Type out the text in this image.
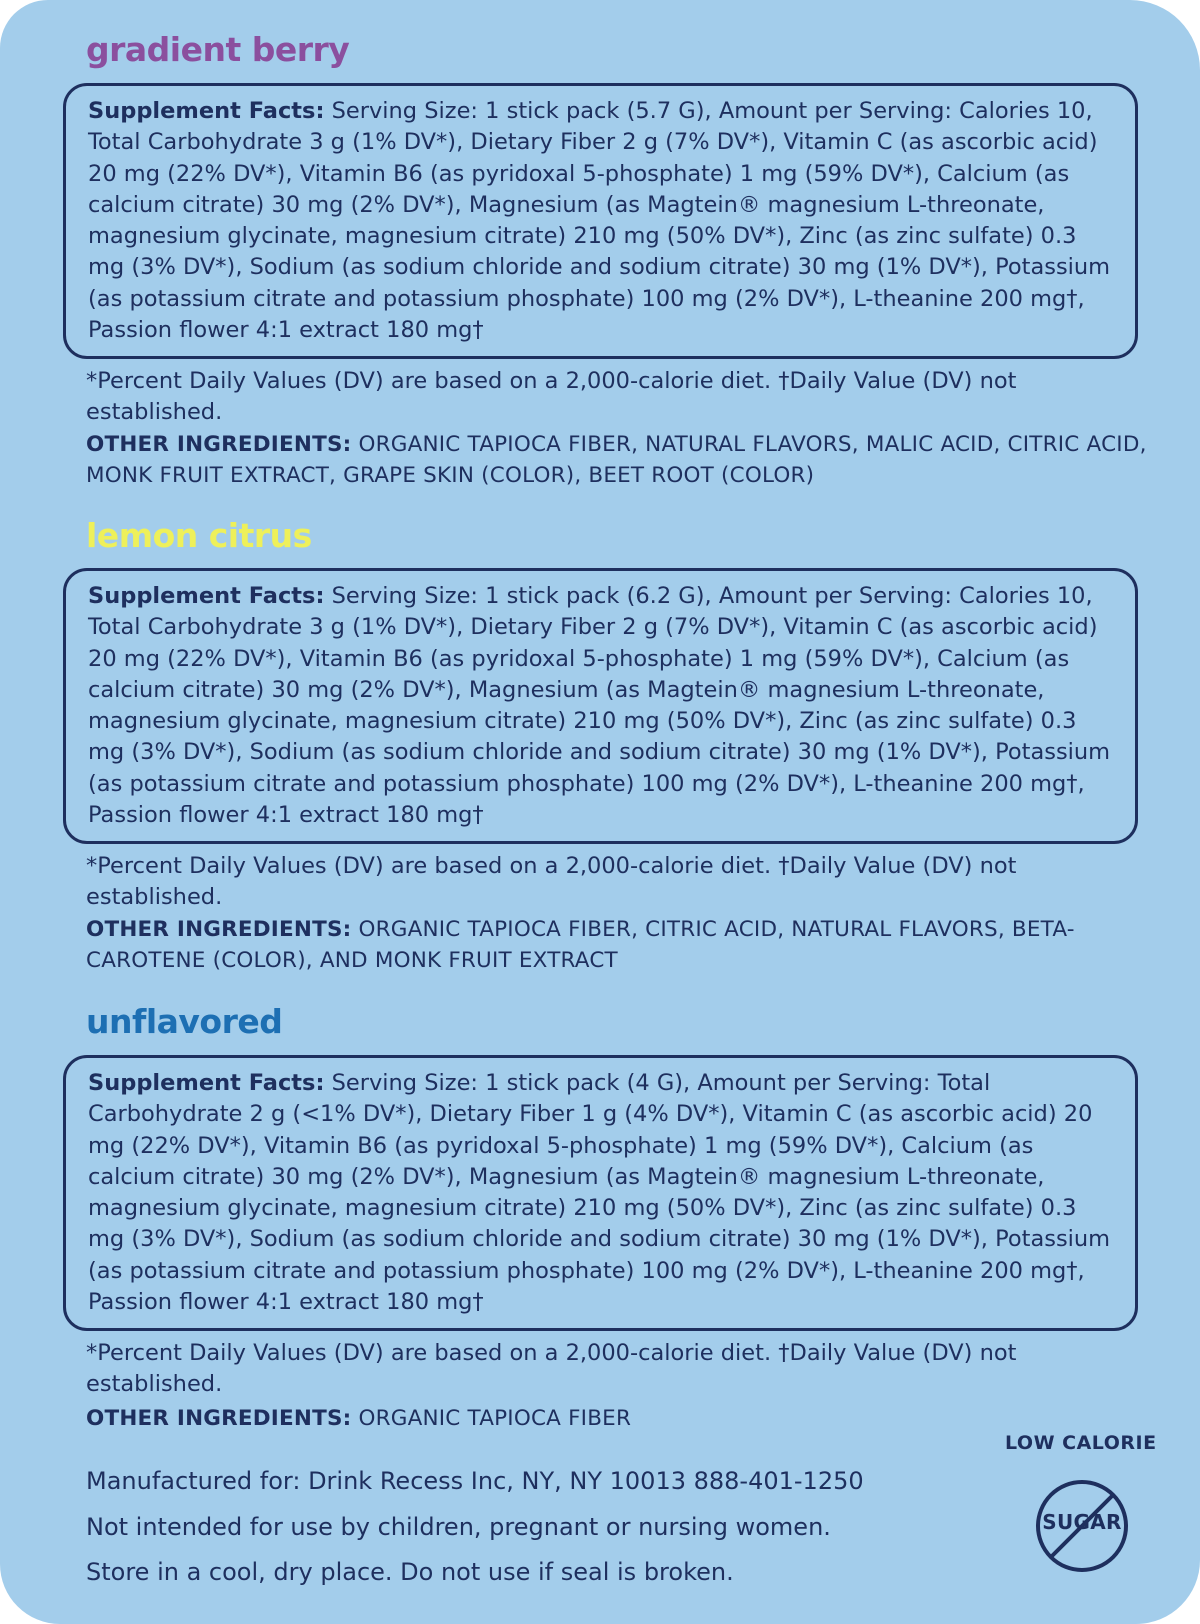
gradient berry
Supplement Facts: Serving Size: 1 stick pack (5.7 G), Amount per Serving: Calories 10, Total Carbohydrate 3 g (1% DV*), Dietary Fiber 2 g (7% DV*), Vitamin C (as ascorbic acid) 20 mg (22% DV*), Vitamin B6 (as pyridoxal 5-phosphate) 1 mg (59% DV*), Calcium (as calcium citrate) 30 mg (2% DV*), Magnesium (as Magtein® magnesium L-threonate, magnesium glycinate, magnesium citrate) 210 mg (50% DV*), Zinc (as zinc sulfate) 0.3 mg (3% DV*), Sodium (as sodium chloride and sodium citrate) 30 mg (1% DV*), Potassium (as potassium citrate and potassium phosphate) 100 mg (2% DV*), L-theanine 200 mg†, Passion flower 4:1 extract 180 mg†

*Percent Daily Values (DV) are based on a 2,000-calorie diet. †Daily Value (DV) not established.

OTHER INGREDIENTS: ORGANIC TAPIOCA FIBER, NATURAL FLAVORS, MALIC ACID, CITRIC ACID, MONK FRUIT EXTRACT, GRAPE SKIN (COLOR), BEET ROOT (COLOR)

lemon citrus
Supplement Facts: Serving Size: 1 stick pack (6.2 G), Amount per Serving: Calories 10, Total Carbohydrate 3 g (1% DV*), Dietary Fiber 2 g (7% DV*), Vitamin C (as ascorbic acid) 20 mg (22% DV*), Vitamin B6 (as pyridoxal 5-phosphate) 1 mg (59% DV*), Calcium (as calcium citrate) 30 mg (2% DV*), Magnesium (as Magtein® magnesium L-threonate, magnesium glycinate, magnesium citrate) 210 mg (50% DV*), Zinc (as zinc sulfate) 0.3 mg (3% DV*), Sodium (as sodium chloride and sodium citrate) 30 mg (1% DV*), Potassium (as potassium citrate and potassium phosphate) 100 mg (2% DV*), L-theanine 200 mg†, Passion flower 4:1 extract 180 mg†

*Percent Daily Values (DV) are based on a 2,000-calorie diet. †Daily Value (DV) not established.

OTHER INGREDIENTS: ORGANIC TAPIOCA FIBER, CITRIC ACID, NATURAL FLAVORS, BETA-CAROTENE (COLOR), AND MONK FRUIT EXTRACT

unflavored
Supplement Facts: Serving Size: 1 stick pack (4 G), Amount per Serving: Total Carbohydrate 2 g (<1% DV*), Dietary Fiber 1 g (4% DV*), Vitamin C (as ascorbic acid) 20 mg (22% DV*), Vitamin B6 (as pyridoxal 5-phosphate) 1 mg (59% DV*), Calcium (as calcium citrate) 30 mg (2% DV*), Magnesium (as Magtein® magnesium L-threonate, magnesium glycinate, magnesium citrate) 210 mg (50% DV*), Zinc (as zinc sulfate) 0.3 mg (3% DV*), Sodium (as sodium chloride and sodium citrate) 30 mg (1% DV*), Potassium (as potassium citrate and potassium phosphate) 100 mg (2% DV*), L-theanine 200 mg†, Passion flower 4:1 extract 180 mg†

*Percent Daily Values (DV) are based on a 2,000-calorie diet. †Daily Value (DV) not established.

OTHER INGREDIENTS: ORGANIC TAPIOCA FIBER

Manufactured for: Drink Recess Inc, NY, NY 10013 888-401-1250

Not intended for use by children, pregnant or nursing women.

Store in a cool, dry place. Do not use if seal is broken.

LOW CALORIE
SUGAR
